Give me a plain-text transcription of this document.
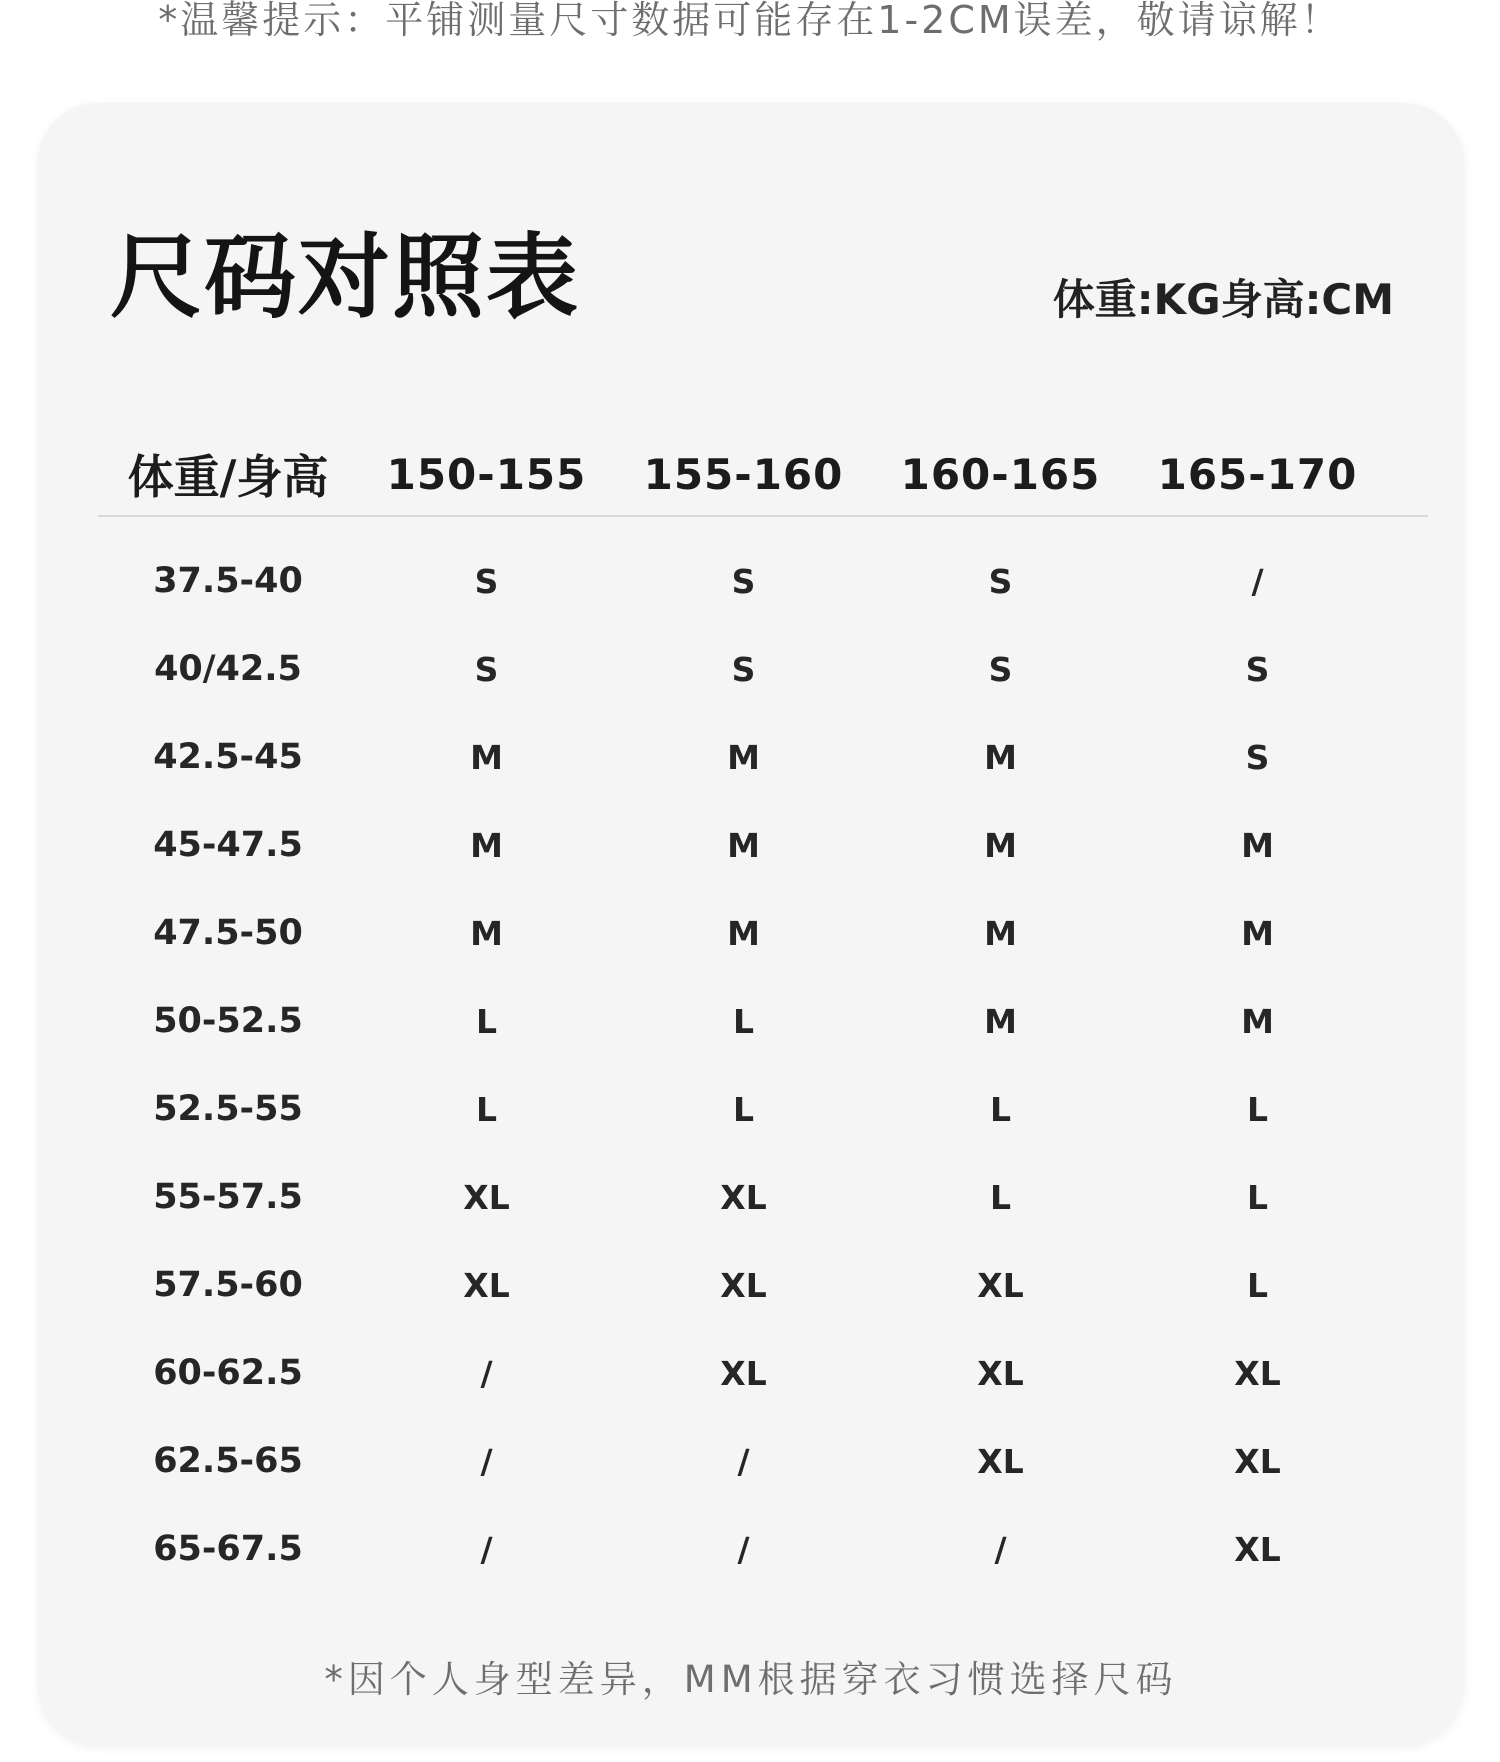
*温馨提示：平铺测量尺寸数据可能存在1-2CM误差，敬请谅解！
尺码对照表	体重:KG身高:CM
体重/身高	150-155	155-160	160-165	165-170
37.5-40	S	S	S	/
40/42.5	S	S	S	S
42.5-45	M	M	M	S
45-47.5	M	M	M	M
47.5-50	M	M	M	M
50-52.5	L	L	M	M
52.5-55	L	L	L	L
55-57.5	XL	XL	L	L
57.5-60	XL	XL	XL	L
60-62.5	/	XL	XL	XL
62.5-65	/	/	XL	XL
65-67.5	/	/	/	XL
*因个人身型差异，MM根据穿衣习惯选择尺码
